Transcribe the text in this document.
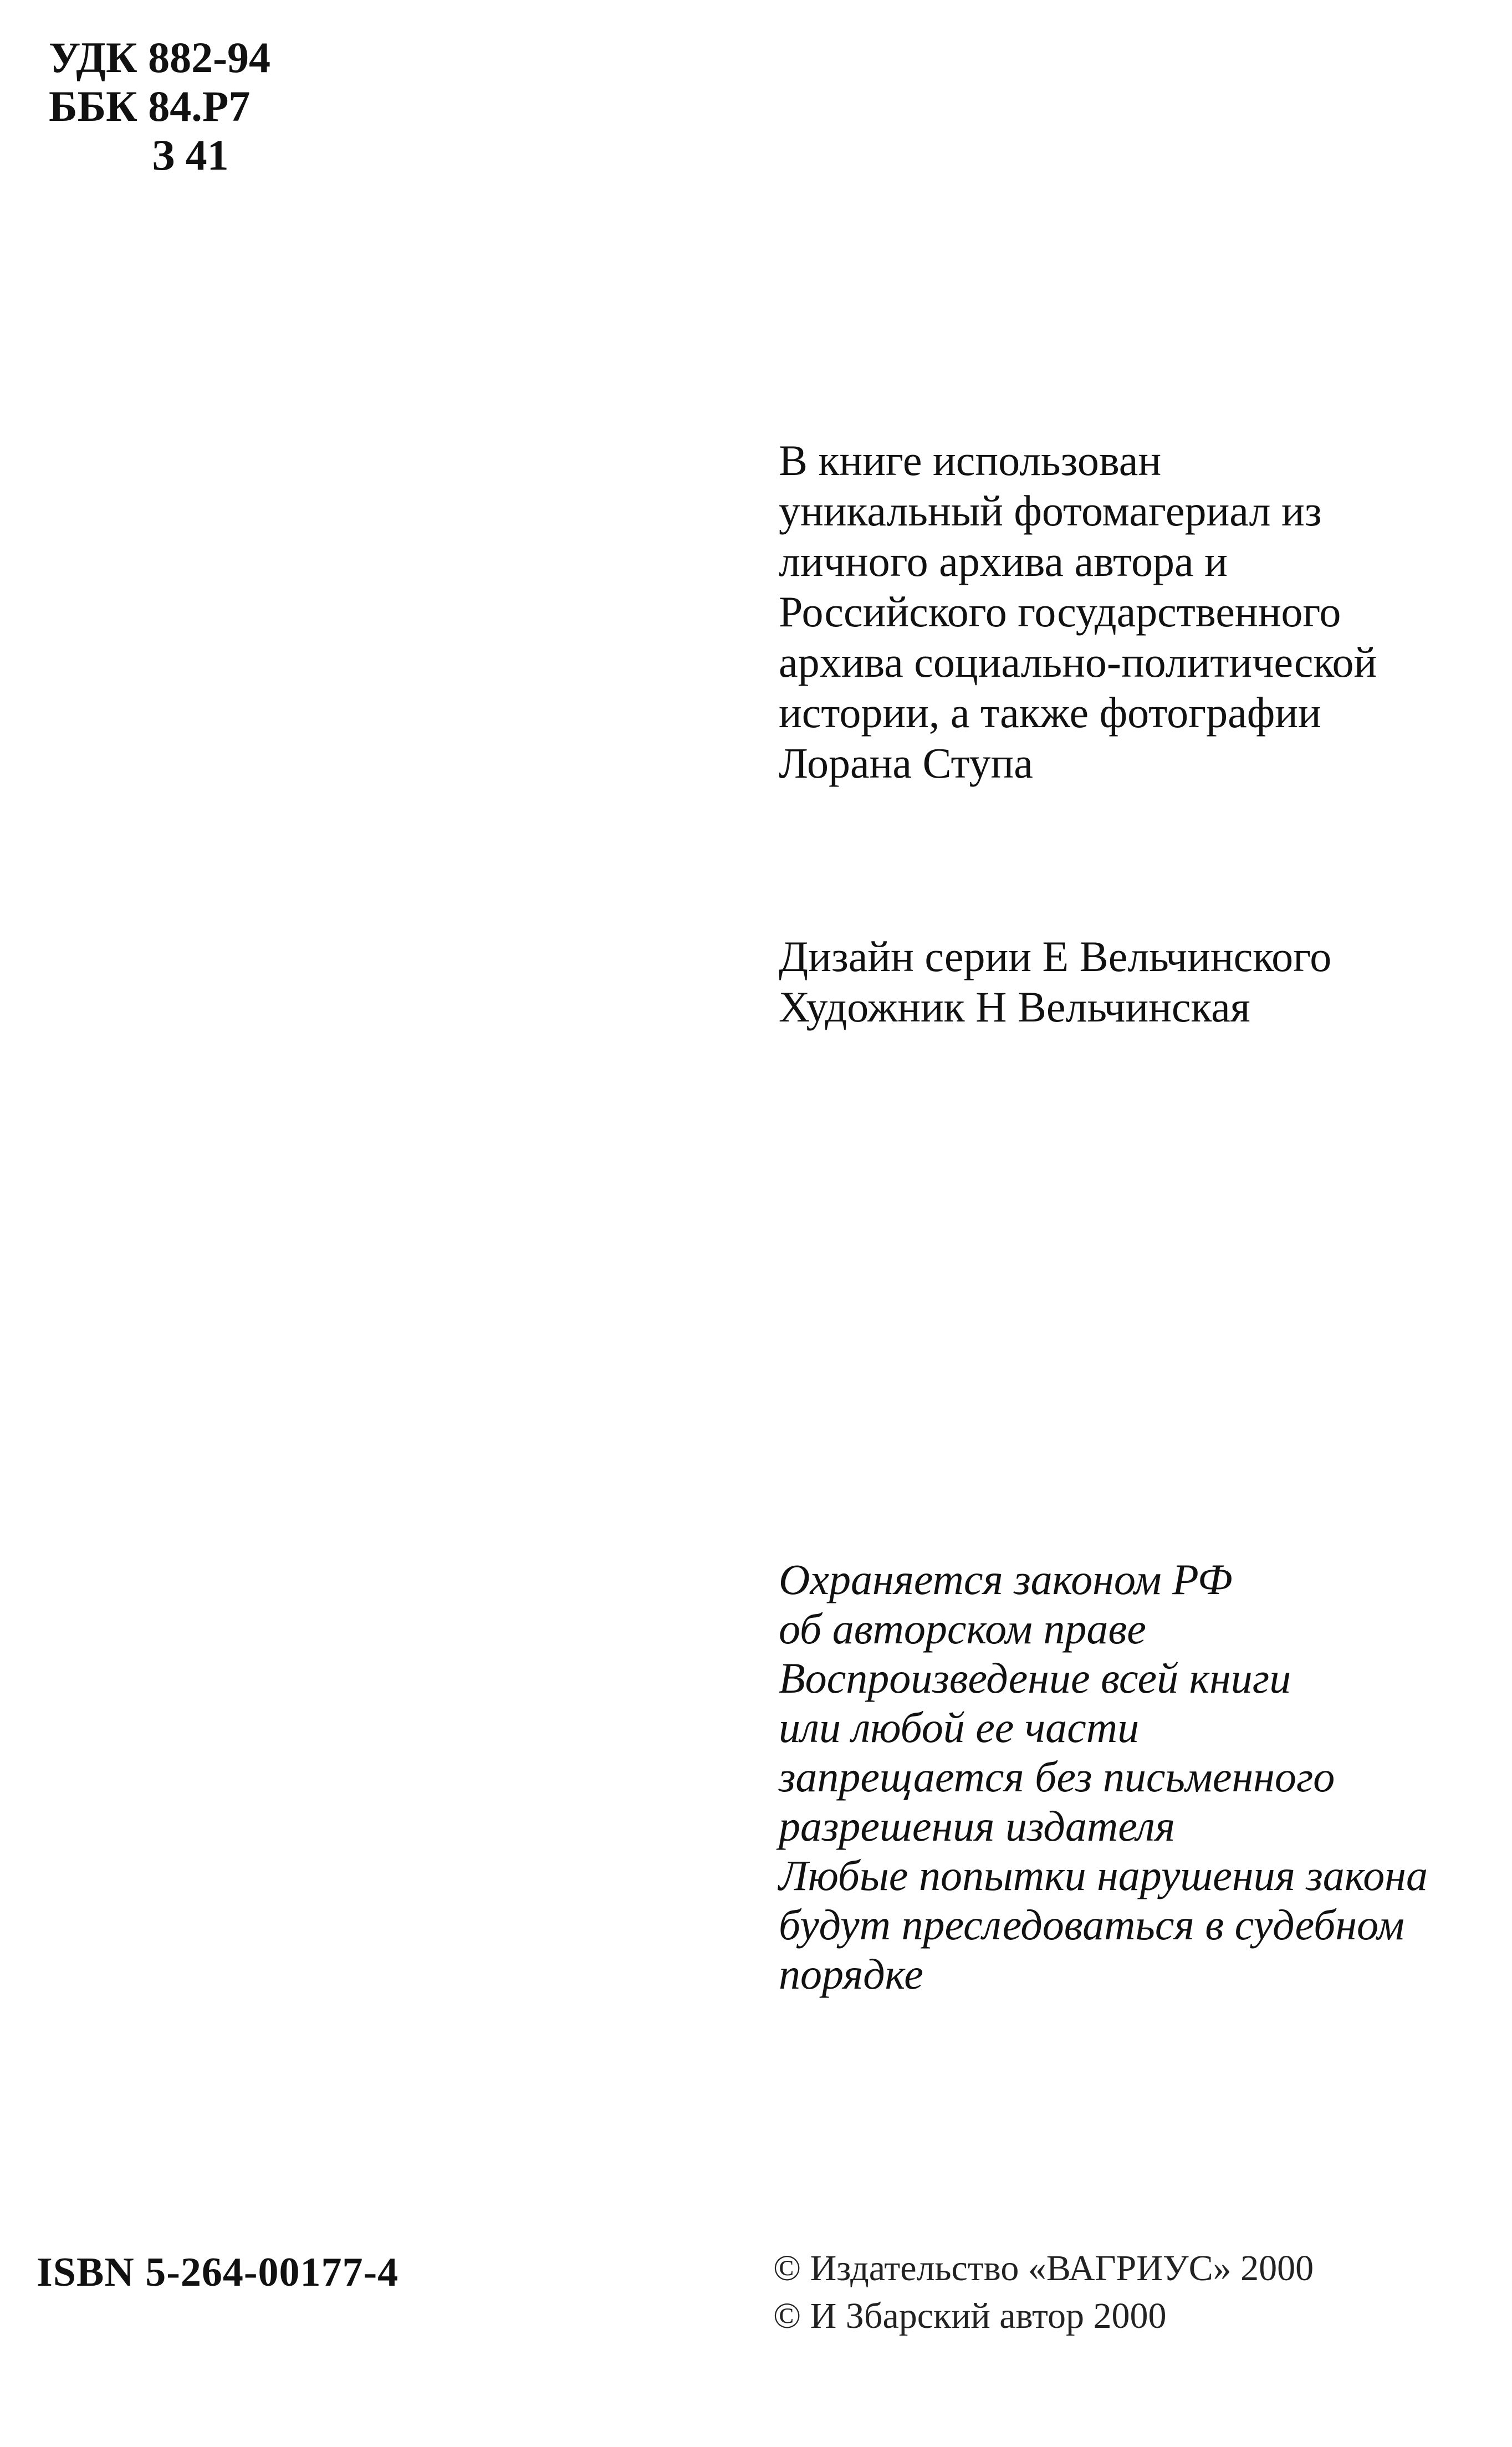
УДК 882-94
ББК 84.Р7
З 41
В книге использован
уникальный фотомагериал из
личного архива автора и
Российского государственного
архива социально-политической
истории, а также фотографии
Лорана Ступа
Дизайн серии Е Вельчинского
Художник Н Вельчинская
Охраняется законом РФ
об авторском праве
Воспроизведение всей книги
или любой ее части
запрещается без письменного
разрешения издателя
Любые попытки нарушения закона
будут преследоваться в судебном
порядке
ISBN 5-264-00177-4	© Издательство «ВАГРИУС» 2000
© И Збарский автор 2000
